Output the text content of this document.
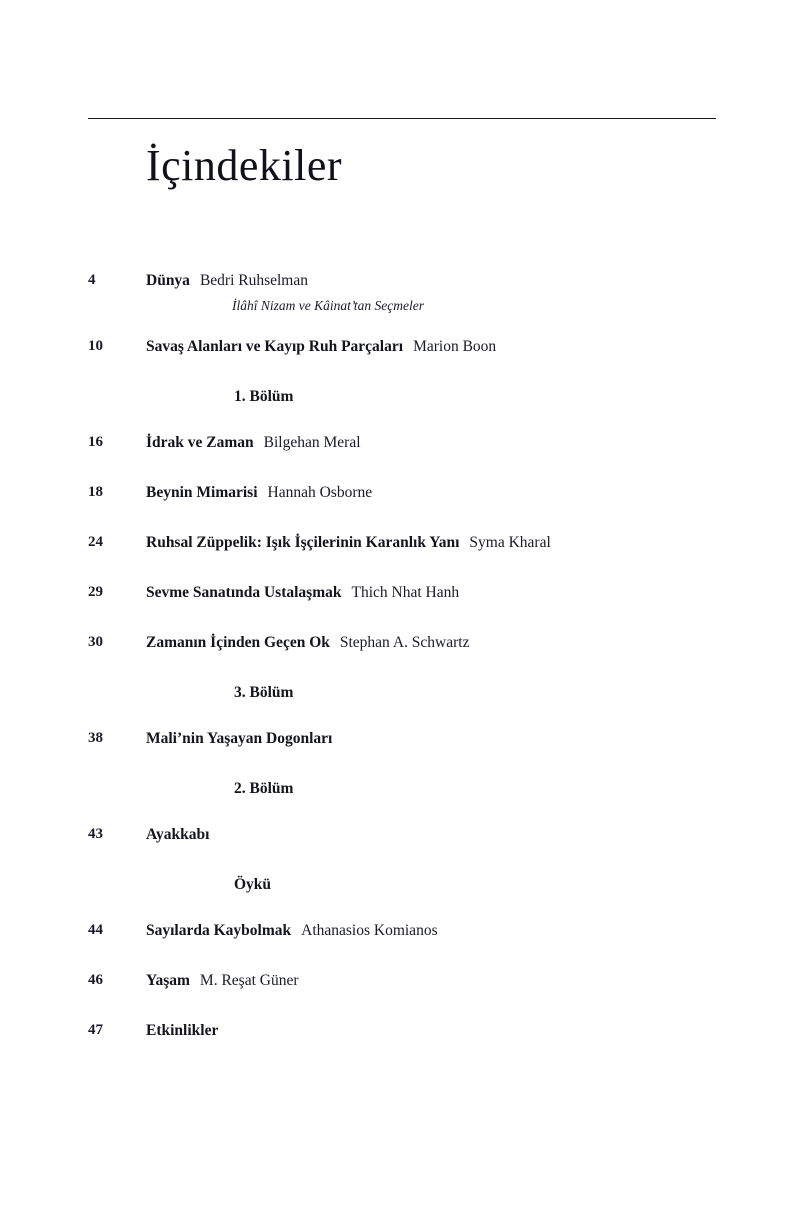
İçindekiler
4	Dünya Bedri Ruhselman
İlâhî Nizam ve Kâinat’tan Seçmeler
10	Savaş Alanları ve Kayıp Ruh Parçaları Marion Boon
1. Bölüm
16	İdrak ve Zaman Bilgehan Meral
18	Beynin Mimarisi Hannah Osborne
24	Ruhsal Züppelik: Işık İşçilerinin Karanlık Yanı Syma Kharal
29	Sevme Sanatında Ustalaşmak Thich Nhat Hanh
30	Zamanın İçinden Geçen Ok Stephan A. Schwartz
3. Bölüm
38	Mali’nin Yaşayan Dogonları
2. Bölüm
43	Ayakkabı
Öykü
44	Sayılarda Kaybolmak Athanasios Komianos
46	Yaşam M. Reşat Güner
47	Etkinlikler
